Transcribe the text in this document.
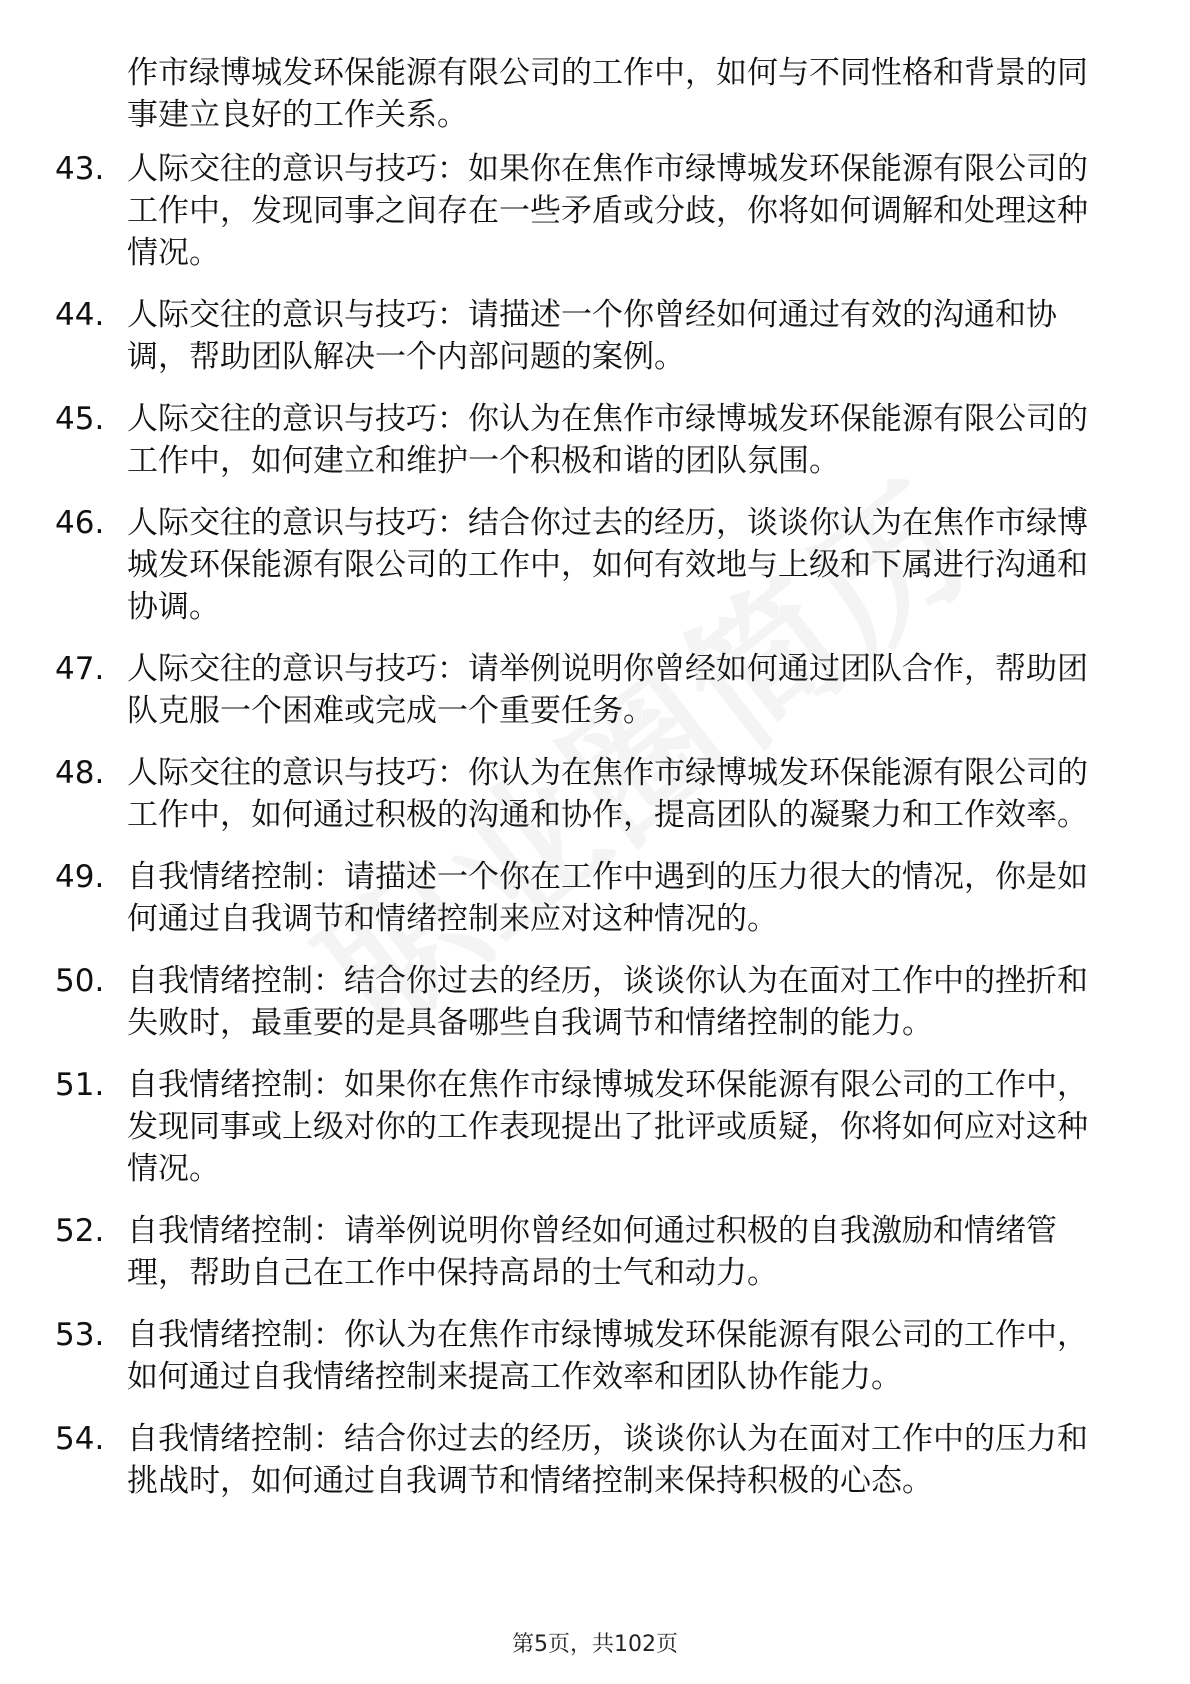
作市绿博城发环保能源有限公司的工作中，如何与不同性格和背景的同事建立良好的工作关系。
43. 人际交往的意识与技巧：如果你在焦作市绿博城发环保能源有限公司的工作中，发现同事之间存在一些矛盾或分歧，你将如何调解和处理这种情况。
44. 人际交往的意识与技巧：请描述一个你曾经如何通过有效的沟通和协调，帮助团队解决一个内部问题的案例。
45. 人际交往的意识与技巧：你认为在焦作市绿博城发环保能源有限公司的工作中，如何建立和维护一个积极和谐的团队氛围。
46. 人际交往的意识与技巧：结合你过去的经历，谈谈你认为在焦作市绿博城发环保能源有限公司的工作中，如何有效地与上级和下属进行沟通和协调。
47. 人际交往的意识与技巧：请举例说明你曾经如何通过团队合作，帮助团队克服一个困难或完成一个重要任务。
48. 人际交往的意识与技巧：你认为在焦作市绿博城发环保能源有限公司的工作中，如何通过积极的沟通和协作，提高团队的凝聚力和工作效率。
49. 自我情绪控制：请描述一个你在工作中遇到的压力很大的情况，你是如何通过自我调节和情绪控制来应对这种情况的。
50. 自我情绪控制：结合你过去的经历，谈谈你认为在面对工作中的挫折和失败时，最重要的是具备哪些自我调节和情绪控制的能力。
51. 自我情绪控制：如果你在焦作市绿博城发环保能源有限公司的工作中，发现同事或上级对你的工作表现提出了批评或质疑，你将如何应对这种情况。
52. 自我情绪控制：请举例说明你曾经如何通过积极的自我激励和情绪管理，帮助自己在工作中保持高昂的士气和动力。
53. 自我情绪控制：你认为在焦作市绿博城发环保能源有限公司的工作中，如何通过自我情绪控制来提高工作效率和团队协作能力。
54. 自我情绪控制：结合你过去的经历，谈谈你认为在面对工作中的压力和挑战时，如何通过自我调节和情绪控制来保持积极的心态。
第5页，共102页
